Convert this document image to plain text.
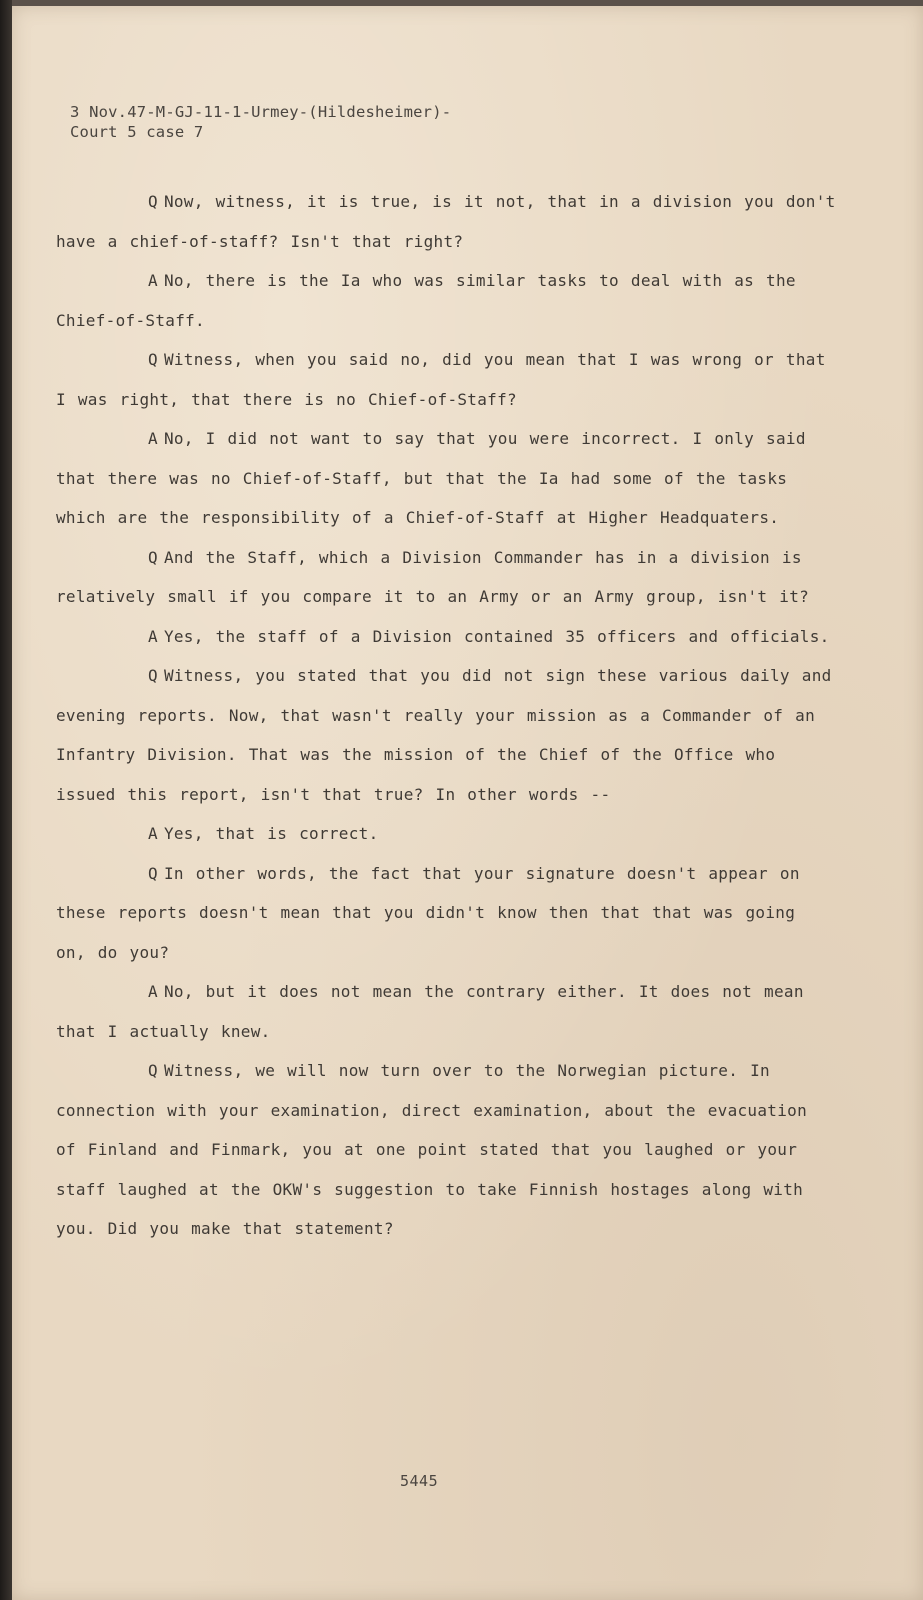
3 Nov.47-M-GJ-11-1-Urmey-(Hildesheimer)-
Court 5 case 7

Q Now, witness, it is true, is it not, that in a division you don't have a chief-of-staff? Isn't that right?

A No, there is the Ia who was similar tasks to deal with as the Chief-of-Staff.

Q Witness, when you said no, did you mean that I was wrong or that I was right, that there is no Chief-of-Staff?

A No, I did not want to say that you were incorrect. I only said that there was no Chief-of-Staff, but that the Ia had some of the tasks which are the responsibility of a Chief-of-Staff at Higher Headquaters.

Q And the Staff, which a Division Commander has in a division is relatively small if you compare it to an Army or an Army group, isn't it?

A Yes, the staff of a Division contained 35 officers and officials.

Q Witness, you stated that you did not sign these various daily and evening reports. Now, that wasn't really your mission as a Commander of an Infantry Division. That was the mission of the Chief of the Office who issued this report, isn't that true? In other words --

A Yes, that is correct.

Q In other words, the fact that your signature doesn't appear on these reports doesn't mean that you didn't know then that that was going on, do you?

A No, but it does not mean the contrary either. It does not mean that I actually knew.

Q Witness, we will now turn over to the Norwegian picture. In connection with your examination, direct examination, about the evacuation of Finland and Finmark, you at one point stated that you laughed or your staff laughed at the OKW's suggestion to take Finnish hostages along with you. Did you make that statement?

5445
